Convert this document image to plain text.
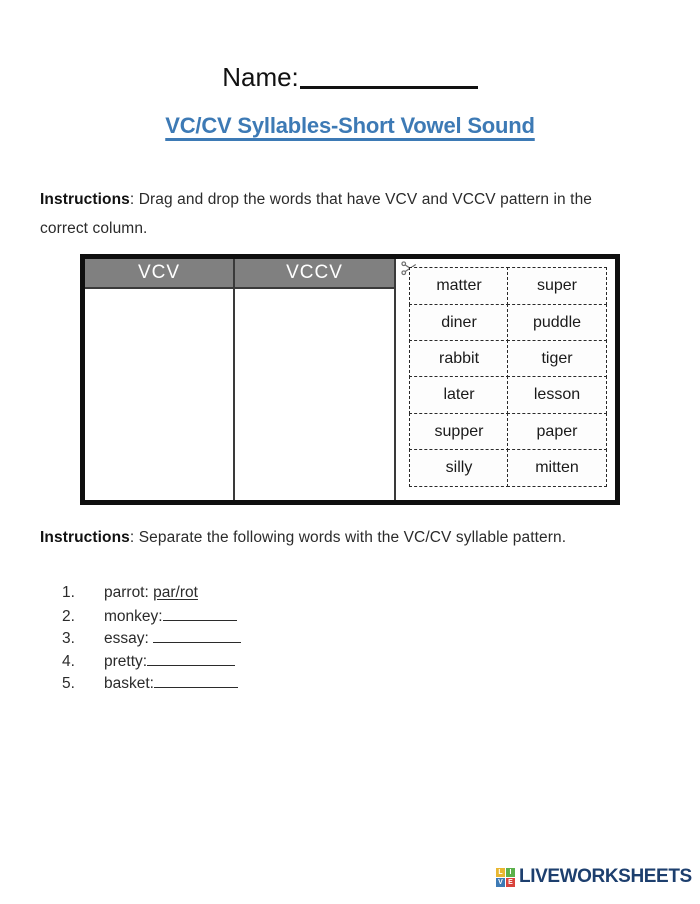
Name:
VC/CV Syllables-Short Vowel Sound
Instructions: Drag and drop the words that have VCV and VCCV pattern in the correct column.
VCV	VCCV
matter	super
diner	puddle
rabbit	tiger
later	lesson
supper	paper
silly	mitten
Instructions: Separate the following words with the VC/CV syllable pattern.
1.	parrot: par/rot
2.	monkey:
3.	essay:
4.	pretty:
5.	basket:
L I
V E LIVEWORKSHEETS
